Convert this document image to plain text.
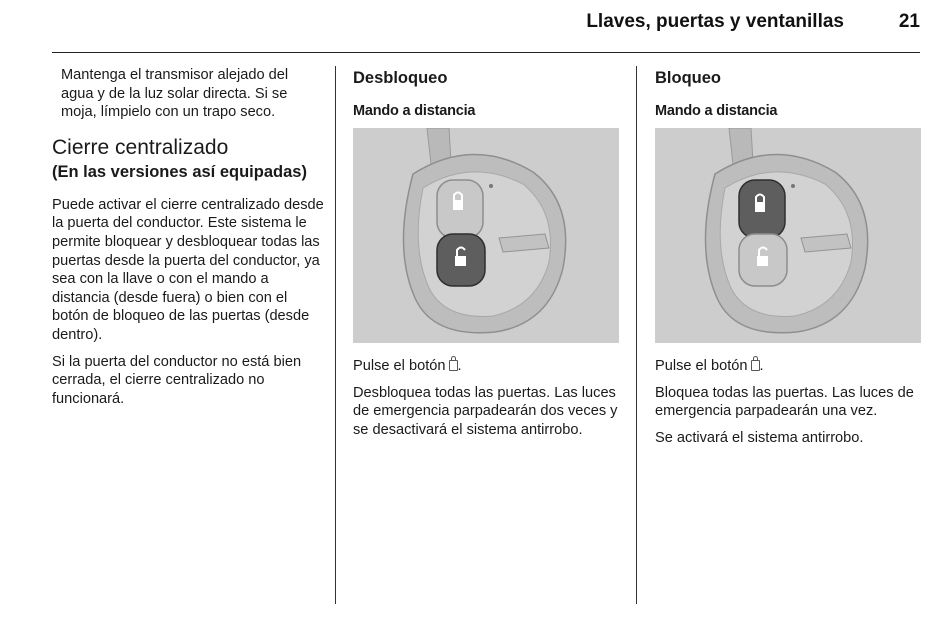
Llaves, puertas y ventanillas	21

Mantenga el transmisor alejado del agua y de la luz solar directa. Si se moja, límpielo con un trapo seco.

Cierre centralizado
(En las versiones así equipadas)

Puede activar el cierre centralizado desde la puerta del conductor. Este sistema le permite bloquear y desbloquear todas las puertas desde la puerta del conductor, ya sea con la llave o con el mando a distancia (desde fuera) o bien con el botón de bloqueo de las puertas (desde dentro).

Si la puerta del conductor no está bien cerrada, el cierre centralizado no funcionará.

Desbloqueo
Mando a distancia

Pulse el botón .

Desbloquea todas las puertas. Las luces de emergencia parpadearán dos veces y se desactivará el sistema antirrobo.

Bloqueo
Mando a distancia

Pulse el botón .

Bloquea todas las puertas. Las luces de emergencia parpadearán una vez.

Se activará el sistema antirrobo.
